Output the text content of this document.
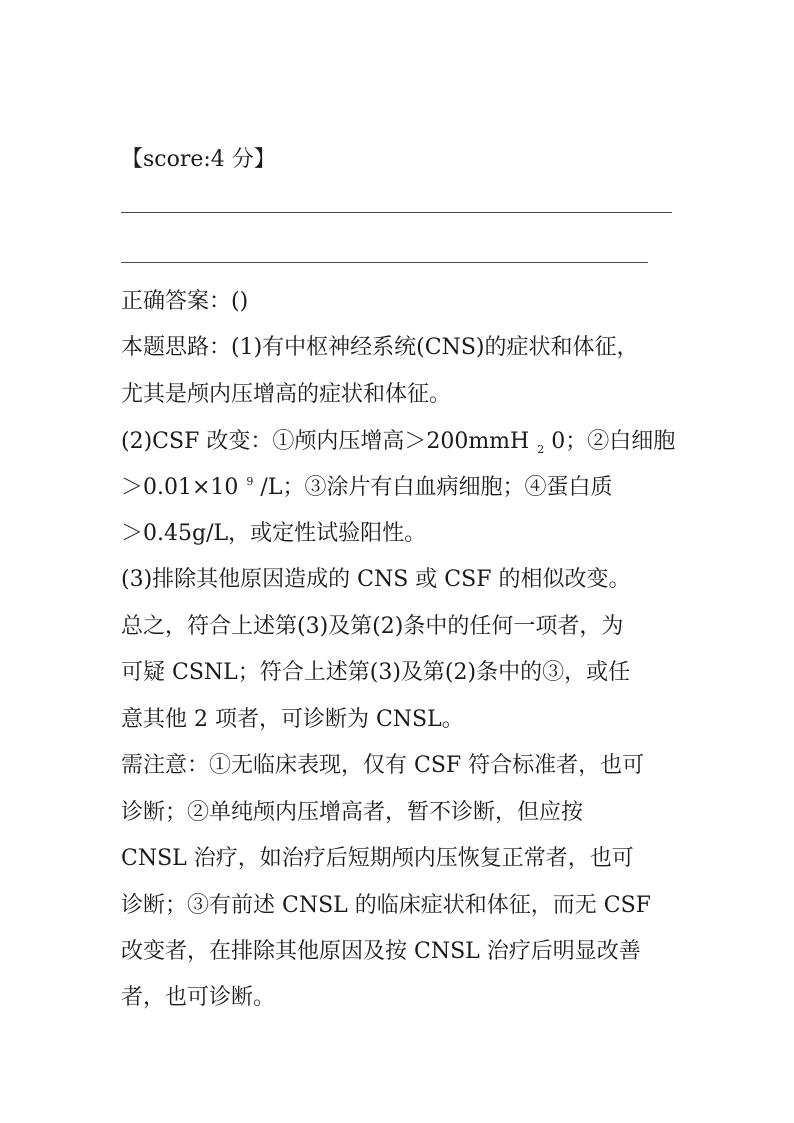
【score:4 分】
正确答案：()
本题思路：(1)有中枢神经系统(CNS)的症状和体征，
尤其是颅内压增高的症状和体征。
(2)CSF 改变：①颅内压增高＞200mmH 2 0；②白细胞
＞0.01×10 9 /L；③涂片有白血病细胞；④蛋白质
＞0.45g/L，或定性试验阳性。
(3)排除其他原因造成的 CNS 或 CSF 的相似改变。
总之，符合上述第(3)及第(2)条中的任何一项者，为
可疑 CSNL；符合上述第(3)及第(2)条中的③，或任
意其他 2 项者，可诊断为 CNSL。
需注意：①无临床表现，仅有 CSF 符合标准者，也可
诊断；②单纯颅内压增高者，暂不诊断，但应按
CNSL 治疗，如治疗后短期颅内压恢复正常者，也可
诊断；③有前述 CNSL 的临床症状和体征，而无 CSF
改变者，在排除其他原因及按 CNSL 治疗后明显改善
者，也可诊断。
